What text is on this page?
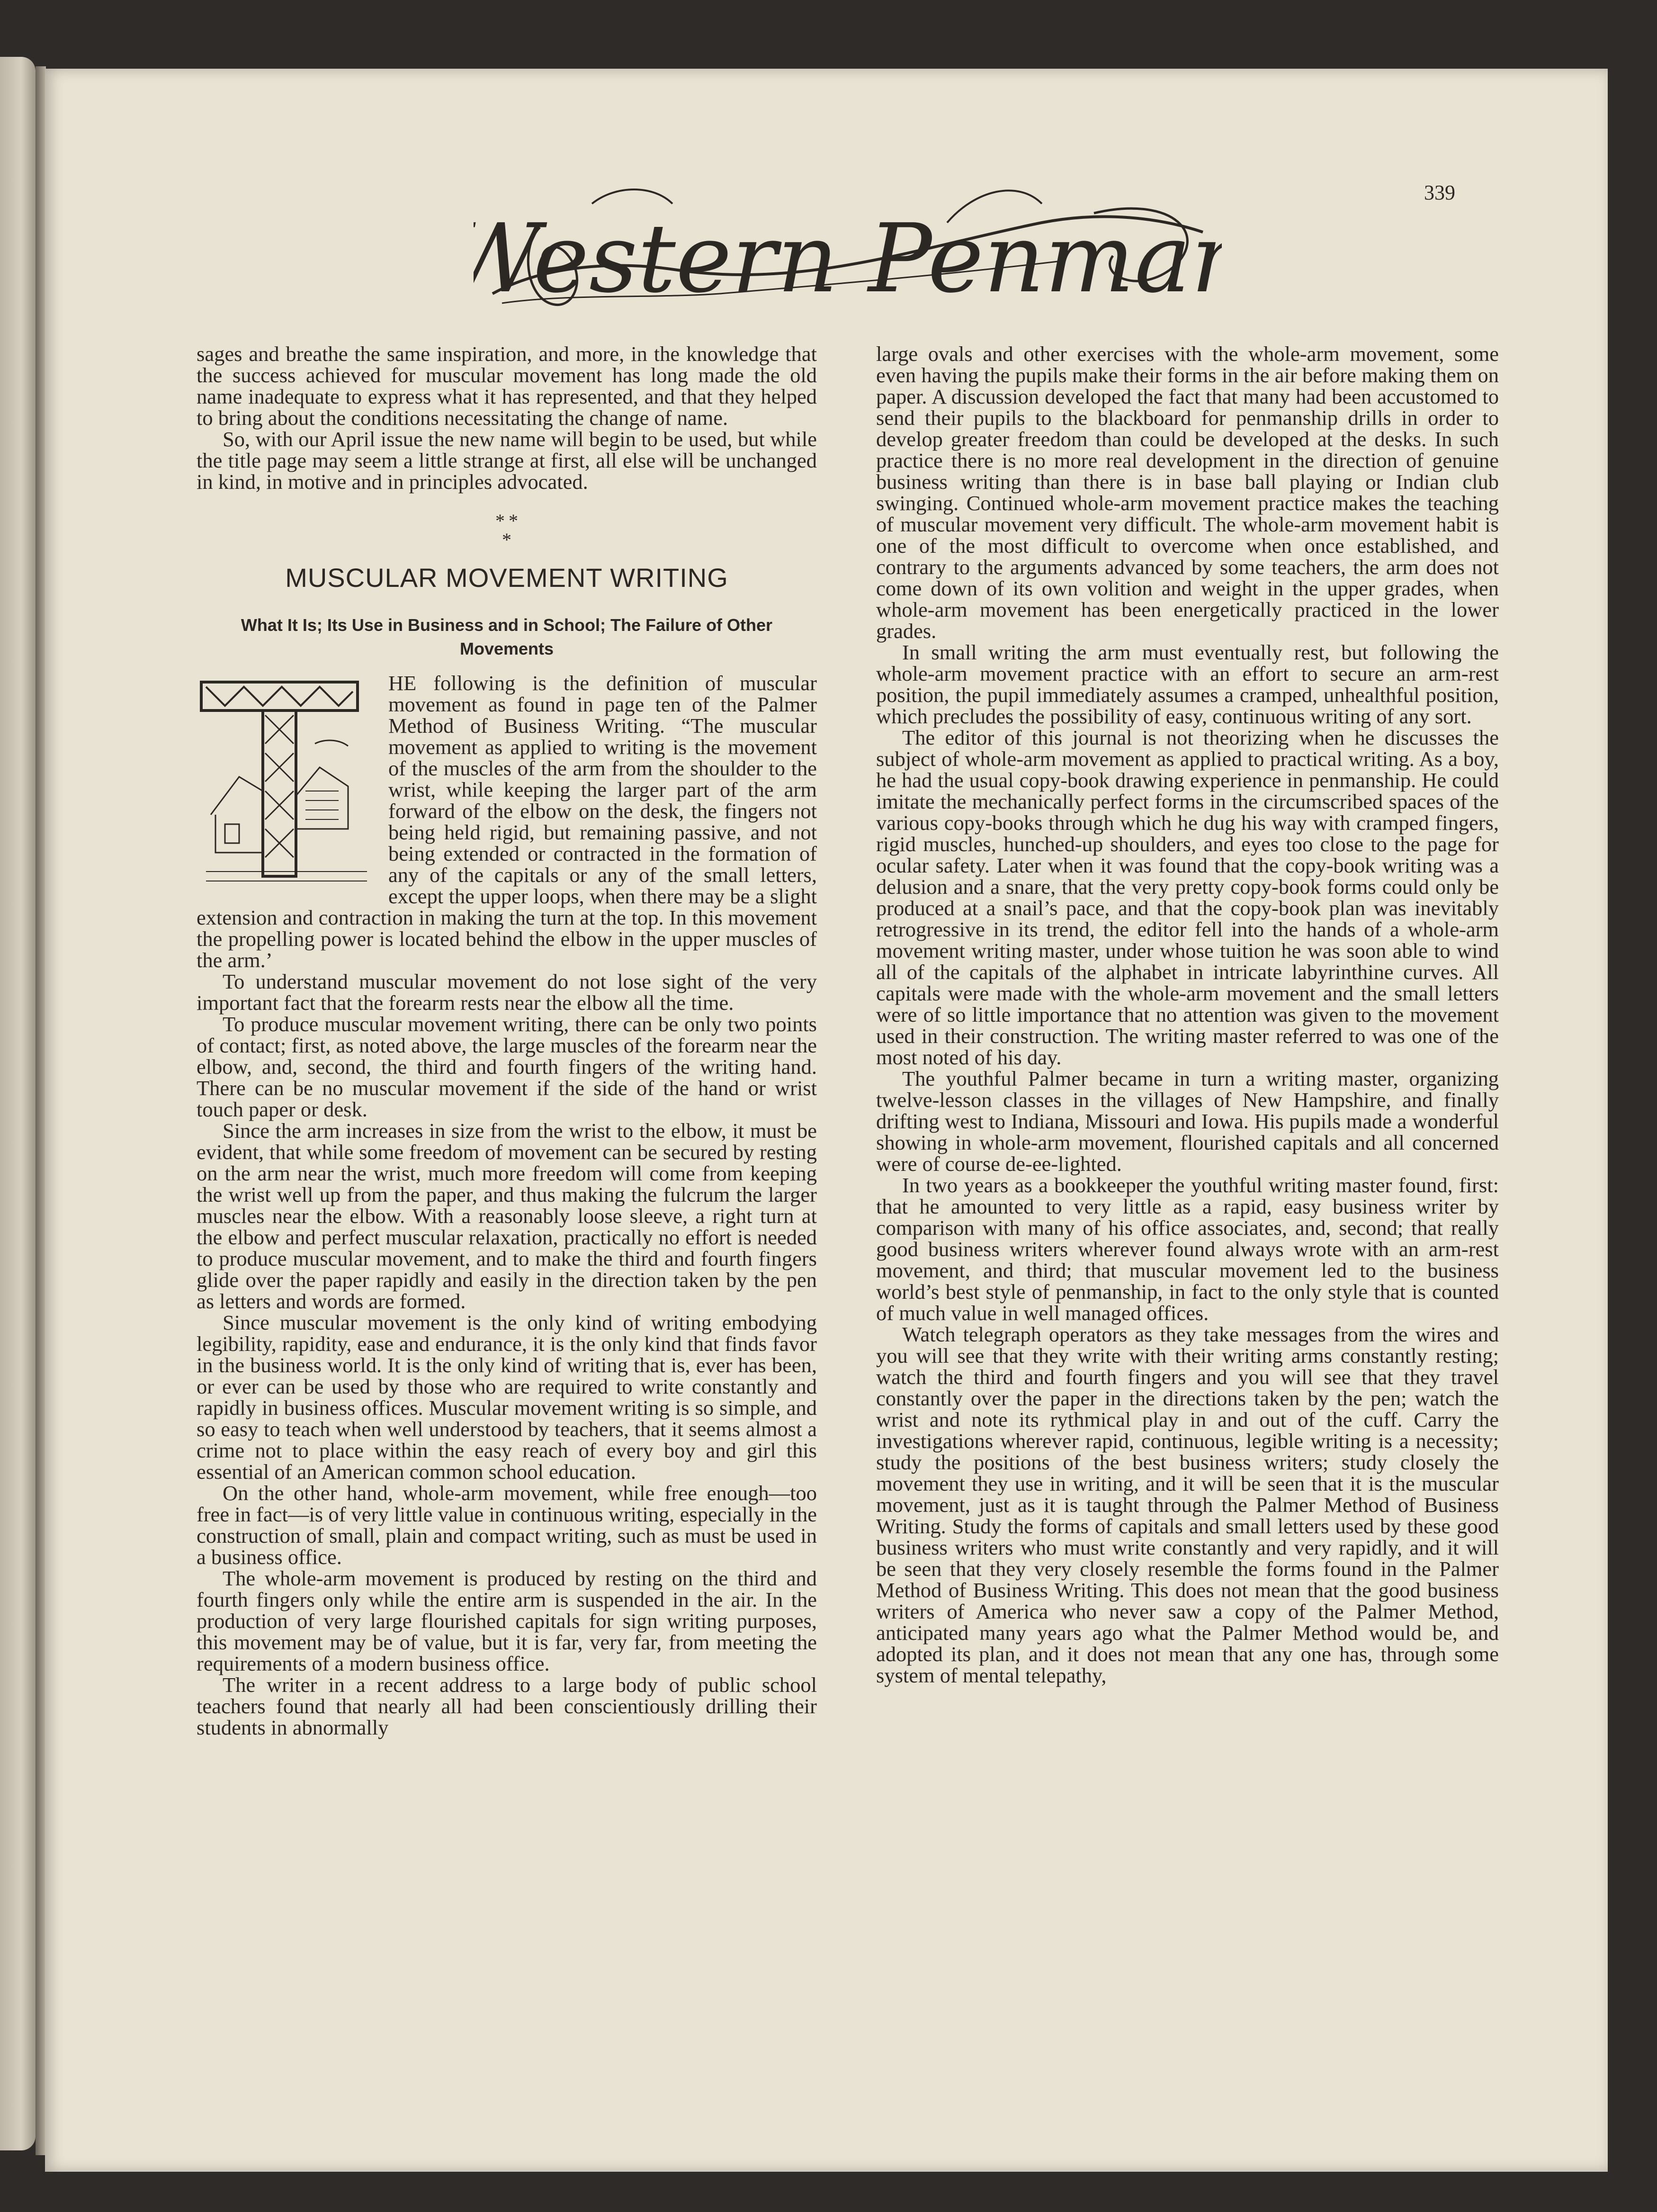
Western Penman
339

sages and breathe the same inspiration, and more, in the knowledge that the success achieved for muscular movement has long made the old name inadequate to express what it has represented, and that they helped to bring about the conditions necessitating the change of name.

So, with our April issue the new name will begin to be used, but while the title page may seem a little strange at first, all else will be unchanged in kind, in motive and in principles advocated.

* *
*
MUSCULAR MOVEMENT WRITING
What It Is; Its Use in Business and in School; The Failure of Other Movements
T

HE following is the definition of muscular movement as found in page ten of the Palmer Method of Business Writing. “The muscular movement as applied to writing is the movement of the muscles of the arm from the shoulder to the wrist, while keeping the larger part of the arm forward of the elbow on the desk, the fingers not being held rigid, but remaining passive, and not being extended or contracted in the formation of any of the capitals or any of the small letters, except the upper loops, when there may be a slight extension and contraction in making the turn at the top. In this movement the propelling power is located behind the elbow in the upper muscles of the arm.’

To understand muscular movement do not lose sight of the very important fact that the forearm rests near the elbow all the time.

To produce muscular movement writing, there can be only two points of contact; first, as noted above, the large muscles of the forearm near the elbow, and, second, the third and fourth fingers of the writing hand. There can be no muscular movement if the side of the hand or wrist touch paper or desk.

Since the arm increases in size from the wrist to the elbow, it must be evident, that while some freedom of movement can be secured by resting on the arm near the wrist, much more freedom will come from keeping the wrist well up from the paper, and thus making the fulcrum the larger muscles near the elbow. With a reasonably loose sleeve, a right turn at the elbow and perfect muscular relaxation, practically no effort is needed to produce muscular movement, and to make the third and fourth fingers glide over the paper rapidly and easily in the direction taken by the pen as letters and words are formed.

Since muscular movement is the only kind of writing embodying legibility, rapidity, ease and endurance, it is the only kind that finds favor in the business world. It is the only kind of writing that is, ever has been, or ever can be used by those who are required to write constantly and rapidly in business offices. Muscular movement writing is so simple, and so easy to teach when well understood by teachers, that it seems almost a crime not to place within the easy reach of every boy and girl this essential of an American common school education.

On the other hand, whole-arm movement, while free enough—too free in fact—is of very little value in continuous writing, especially in the construction of small, plain and compact writing, such as must be used in a business office.

The whole-arm movement is produced by resting on the third and fourth fingers only while the entire arm is suspended in the air. In the production of very large flourished capitals for sign writing purposes, this movement may be of value, but it is far, very far, from meeting the requirements of a modern business office.

The writer in a recent address to a large body of public school teachers found that nearly all had been conscientiously drilling their students in abnormally

large ovals and other exercises with the whole-arm movement, some even having the pupils make their forms in the air before making them on paper. A discussion developed the fact that many had been accustomed to send their pupils to the blackboard for penmanship drills in order to develop greater freedom than could be developed at the desks. In such practice there is no more real development in the direction of genuine business writing than there is in base ball playing or Indian club swinging. Continued whole-arm movement practice makes the teaching of muscular movement very difficult. The whole-arm movement habit is one of the most difficult to overcome when once established, and contrary to the arguments advanced by some teachers, the arm does not come down of its own volition and weight in the upper grades, when whole-arm movement has been energetically practiced in the lower grades.

In small writing the arm must eventually rest, but following the whole-arm movement practice with an effort to secure an arm-rest position, the pupil immediately assumes a cramped, unhealthful position, which precludes the possibility of easy, continuous writing of any sort.

The editor of this journal is not theorizing when he discusses the subject of whole-arm movement as applied to practical writing. As a boy, he had the usual copy-book drawing experience in penmanship. He could imitate the mechanically perfect forms in the circumscribed spaces of the various copy-books through which he dug his way with cramped fingers, rigid muscles, hunched-up shoulders, and eyes too close to the page for ocular safety. Later when it was found that the copy-book writing was a delusion and a snare, that the very pretty copy-book forms could only be produced at a snail’s pace, and that the copy-book plan was inevitably retrogressive in its trend, the editor fell into the hands of a whole-arm movement writing master, under whose tuition he was soon able to wind all of the capitals of the alphabet in intricate labyrinthine curves. All capitals were made with the whole-arm movement and the small letters were of so little importance that no attention was given to the movement used in their construction. The writing master referred to was one of the most noted of his day.

The youthful Palmer became in turn a writing master, organizing twelve-lesson classes in the villages of New Hampshire, and finally drifting west to Indiana, Missouri and Iowa. His pupils made a wonderful showing in whole-arm movement, flourished capitals and all concerned were of course de-ee-lighted.

In two years as a bookkeeper the youthful writing master found, first: that he amounted to very little as a rapid, easy business writer by comparison with many of his office associates, and, second; that really good business writers wherever found always wrote with an arm-rest movement, and third; that muscular movement led to the business world’s best style of penmanship, in fact to the only style that is counted of much value in well managed offices.

Watch telegraph operators as they take messages from the wires and you will see that they write with their writing arms constantly resting; watch the third and fourth fingers and you will see that they travel constantly over the paper in the directions taken by the pen; watch the wrist and note its rythmical play in and out of the cuff. Carry the investigations wherever rapid, continuous, legible writing is a necessity; study the positions of the best business writers; study closely the movement they use in writing, and it will be seen that it is the muscular movement, just as it is taught through the Palmer Method of Business Writing. Study the forms of capitals and small letters used by these good business writers who must write constantly and very rapidly, and it will be seen that they very closely resemble the forms found in the Palmer Method of Business Writing. This does not mean that the good business writers of America who never saw a copy of the Palmer Method, anticipated many years ago what the Palmer Method would be, and adopted its plan, and it does not mean that any one has, through some system of mental telepathy,
